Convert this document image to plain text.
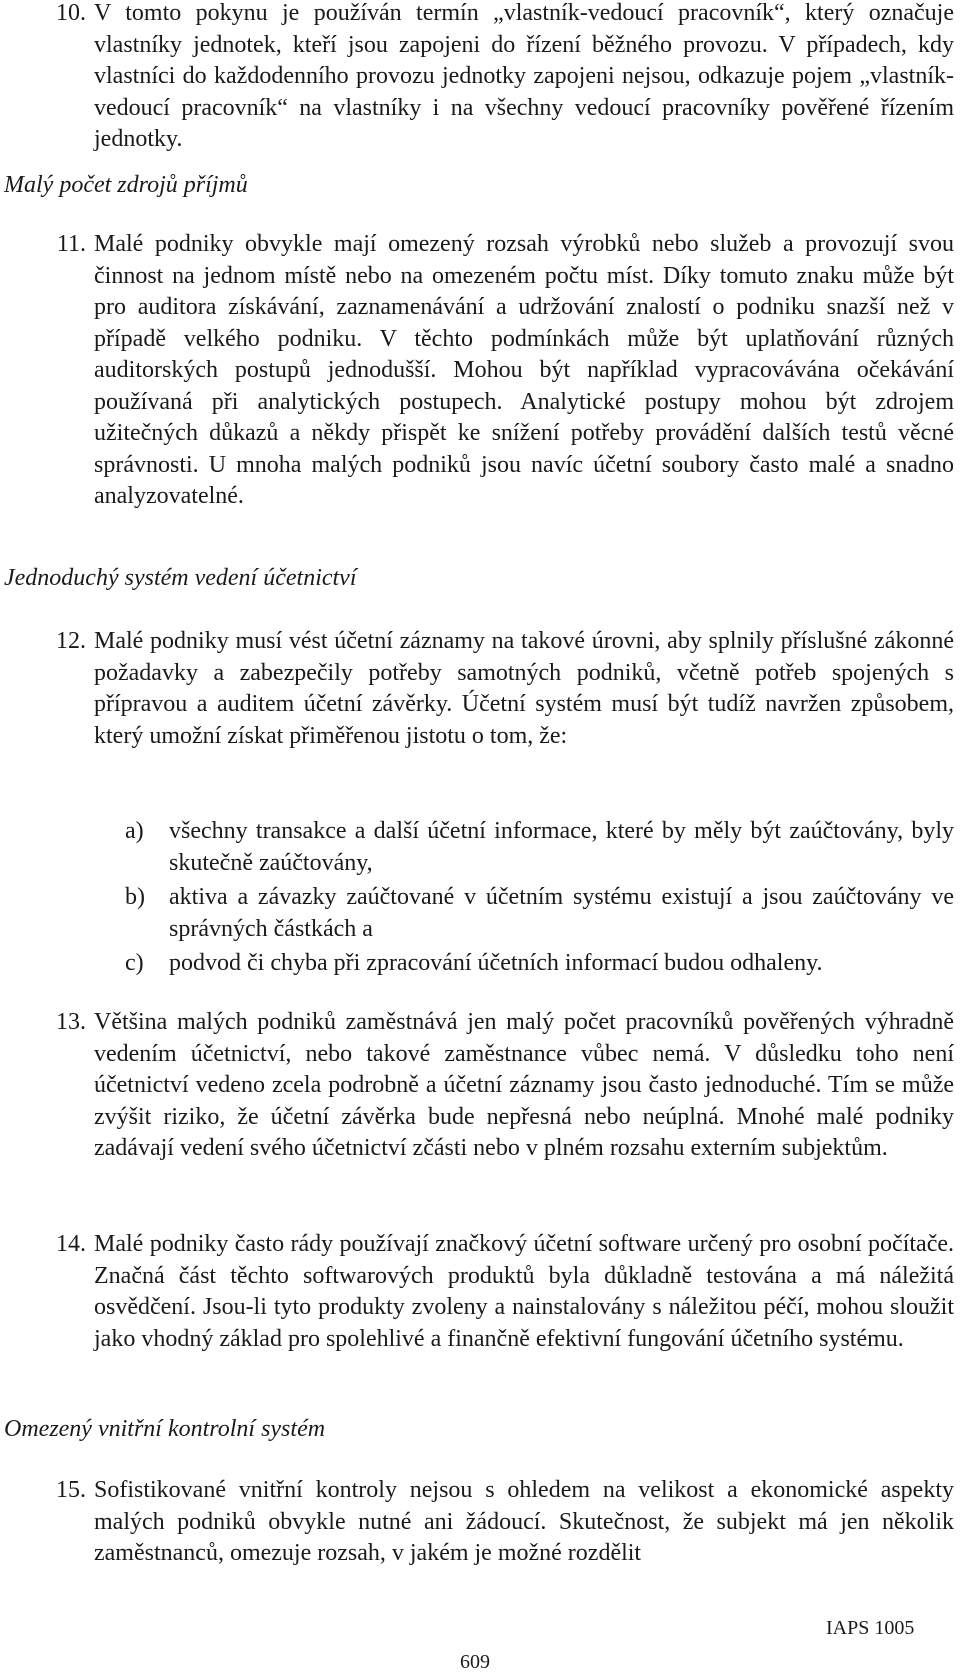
10. V tomto pokynu je používán termín „vlastník-vedoucí pracovník“, který označuje vlastníky jednotek, kteří jsou zapojeni do řízení běžného provozu. V případech, kdy vlastníci do každodenního provozu jednotky zapojeni nejsou, odkazuje pojem „vlastník-vedoucí pracovník“ na vlastníky i na všechny vedoucí pracovníky pověřené řízením jednotky.
Malý počet zdrojů příjmů
11. Malé podniky obvykle mají omezený rozsah výrobků nebo služeb a provozují svou činnost na jednom místě nebo na omezeném počtu míst. Díky tomuto znaku může být pro auditora získávání, zaznamenávání a udržování znalostí o podniku snazší než v případě velkého podniku. V těchto podmínkách může být uplatňování různých auditorských postupů jednodušší. Mohou být například vypracovávána očekávání používaná při analytických postupech. Analytické postupy mohou být zdrojem užitečných důkazů a někdy přispět ke snížení potřeby provádění dalších testů věcné správnosti. U mnoha malých podniků jsou navíc účetní soubory často malé a snadno analyzovatelné.
Jednoduchý systém vedení účetnictví
12. Malé podniky musí vést účetní záznamy na takové úrovni, aby splnily příslušné zákonné požadavky a zabezpečily potřeby samotných podniků, včetně potřeb spojených s přípravou a auditem účetní závěrky. Účetní systém musí být tudíž navržen způsobem, který umožní získat přiměřenou jistotu o tom, že:
a) všechny transakce a další účetní informace, které by měly být zaúčtovány, byly skutečně zaúčtovány,
b) aktiva a závazky zaúčtované v účetním systému existují a jsou zaúčtovány ve správných částkách a
c) podvod či chyba při zpracování účetních informací budou odhaleny.
13. Většina malých podniků zaměstnává jen malý počet pracovníků pověřených výhradně vedením účetnictví, nebo takové zaměstnance vůbec nemá. V důsledku toho není účetnictví vedeno zcela podrobně a účetní záznamy jsou často jednoduché. Tím se může zvýšit riziko, že účetní závěrka bude nepřesná nebo neúplná. Mnohé malé podniky zadávají vedení svého účetnictví zčásti nebo v plném rozsahu externím subjektům.
14. Malé podniky často rády používají značkový účetní software určený pro osobní počítače. Značná část těchto softwarových produktů byla důkladně testována a má náležitá osvědčení. Jsou-li tyto produkty zvoleny a nainstalovány s náležitou péčí, mohou sloužit jako vhodný základ pro spolehlivé a finančně efektivní fungování účetního systému.
Omezený vnitřní kontrolní systém
15. Sofistikované vnitřní kontroly nejsou s ohledem na velikost a ekonomické aspekty malých podniků obvykle nutné ani žádoucí. Skutečnost, že subjekt má jen několik zaměstnanců, omezuje rozsah, v jakém je možné rozdělit
IAPS 1005
609
